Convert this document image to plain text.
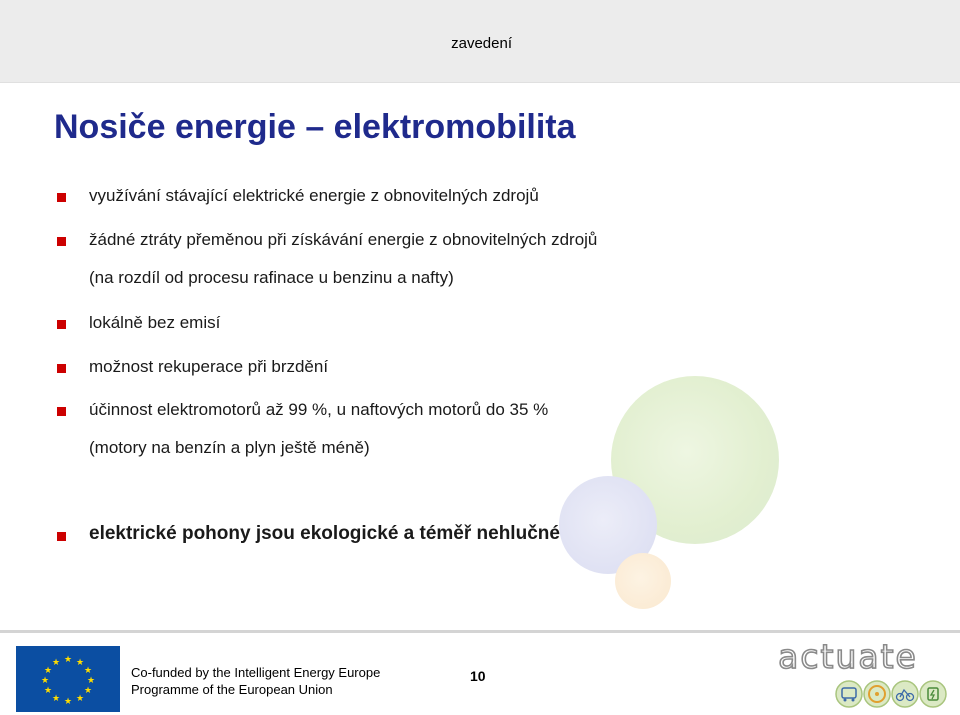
zavedení
Nosiče energie – elektromobilita
využívání stávající elektrické energie z obnovitelných zdrojů
žádné ztráty přeměnou při získávání energie z obnovitelných zdrojů
(na rozdíl od procesu rafinace u benzinu a nafty)
lokálně bez emisí
možnost rekuperace při brzdění
účinnost elektromotorů až 99 %, u naftových motorů do 35 %
(motory na benzín a plyn ještě méně)
elektrické pohony jsou ekologické a téměř nehlučné
★ ★
★
★
★
★
★
★
★
★
★
★
Co-funded by the Intelligent Energy Europe
Programme of the European Union
10	actuate
